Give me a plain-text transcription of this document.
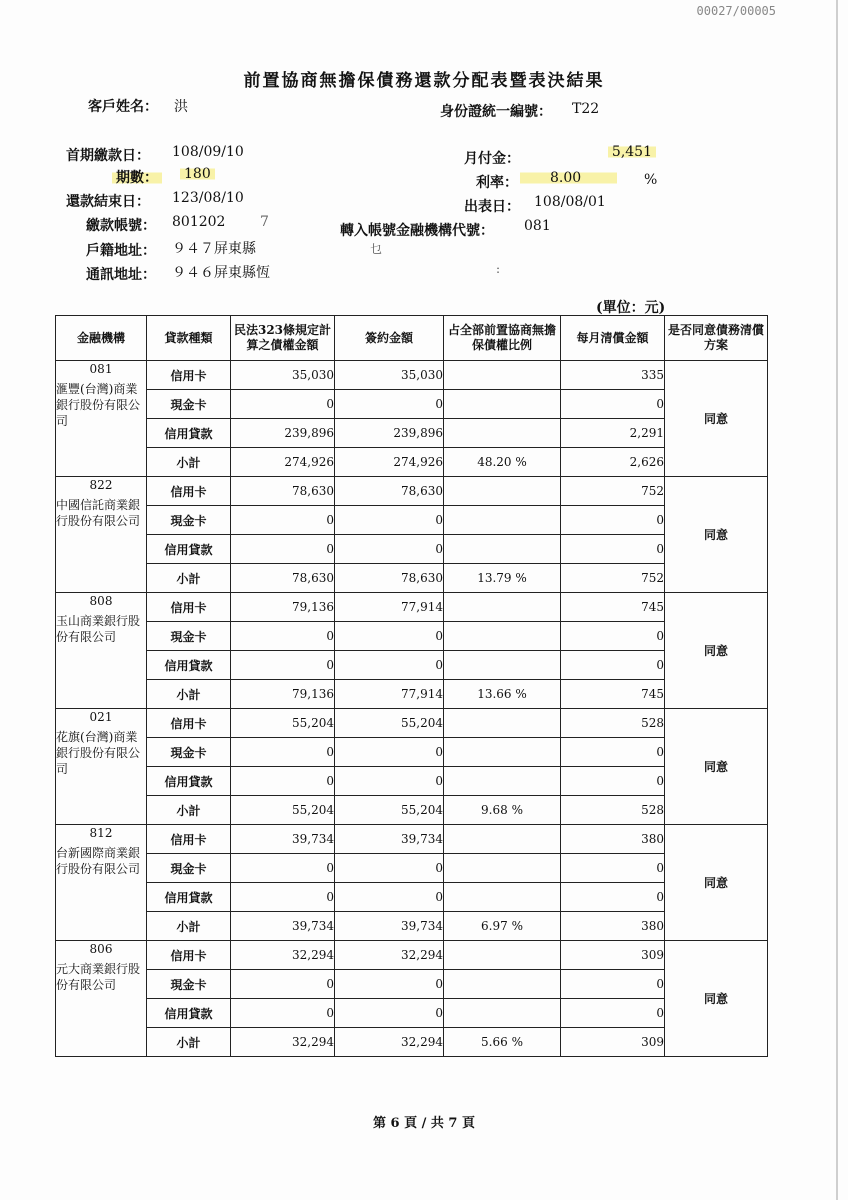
00027/00005
前置協商無擔保債務還款分配表暨表決結果
客戶姓名： 洪	身份證統一編號： T22
首期繳款日： 108/09/10
期數： 180
還款結束日： 123/08/10
繳款帳號： 801202 7
戶籍地址： ９４７屏東縣
通訊地址： ９４６屏東縣恆
月付金：	5,451
利率：	8.00	%
出表日： 108/08/01
轉入帳號金融機構代號： 081
乜
:
(單位：元)
金融機構	貸款種類	民法323條規定計算之債權金額	簽約金額	占全部前置協商無擔保債權比例	每月清償金額	是否同意債務清償方案

081
滙豐(台灣)商業銀行股份有限公司	信用卡	35,030	35,030		335	同意
	現金卡	0	0		0	
	信用貸款	239,896	239,896		2,291	
	小計	274,926	274,926	48.20 %	2,626	

822
中國信託商業銀行股份有限公司	信用卡	78,630	78,630		752	同意
	現金卡	0	0		0	
	信用貸款	0	0		0	
	小計	78,630	78,630	13.79 %	752	

808
玉山商業銀行股份有限公司	信用卡	79,136	77,914		745	同意
	現金卡	0	0		0	
	信用貸款	0	0		0	
	小計	79,136	77,914	13.66 %	745	

021
花旗(台灣)商業銀行股份有限公司	信用卡	55,204	55,204		528	同意
	現金卡	0	0		0	
	信用貸款	0	0		0	
	小計	55,204	55,204	9.68 %	528	

812
台新國際商業銀行股份有限公司	信用卡	39,734	39,734		380	同意
	現金卡	0	0		0	
	信用貸款	0	0		0	
	小計	39,734	39,734	6.97 %	380	

806
元大商業銀行股份有限公司	信用卡	32,294	32,294		309	同意
	現金卡	0	0		0	
	信用貸款	0	0		0	
	小計	32,294	32,294	5.66 %	309	
第 6 頁 / 共 7 頁
